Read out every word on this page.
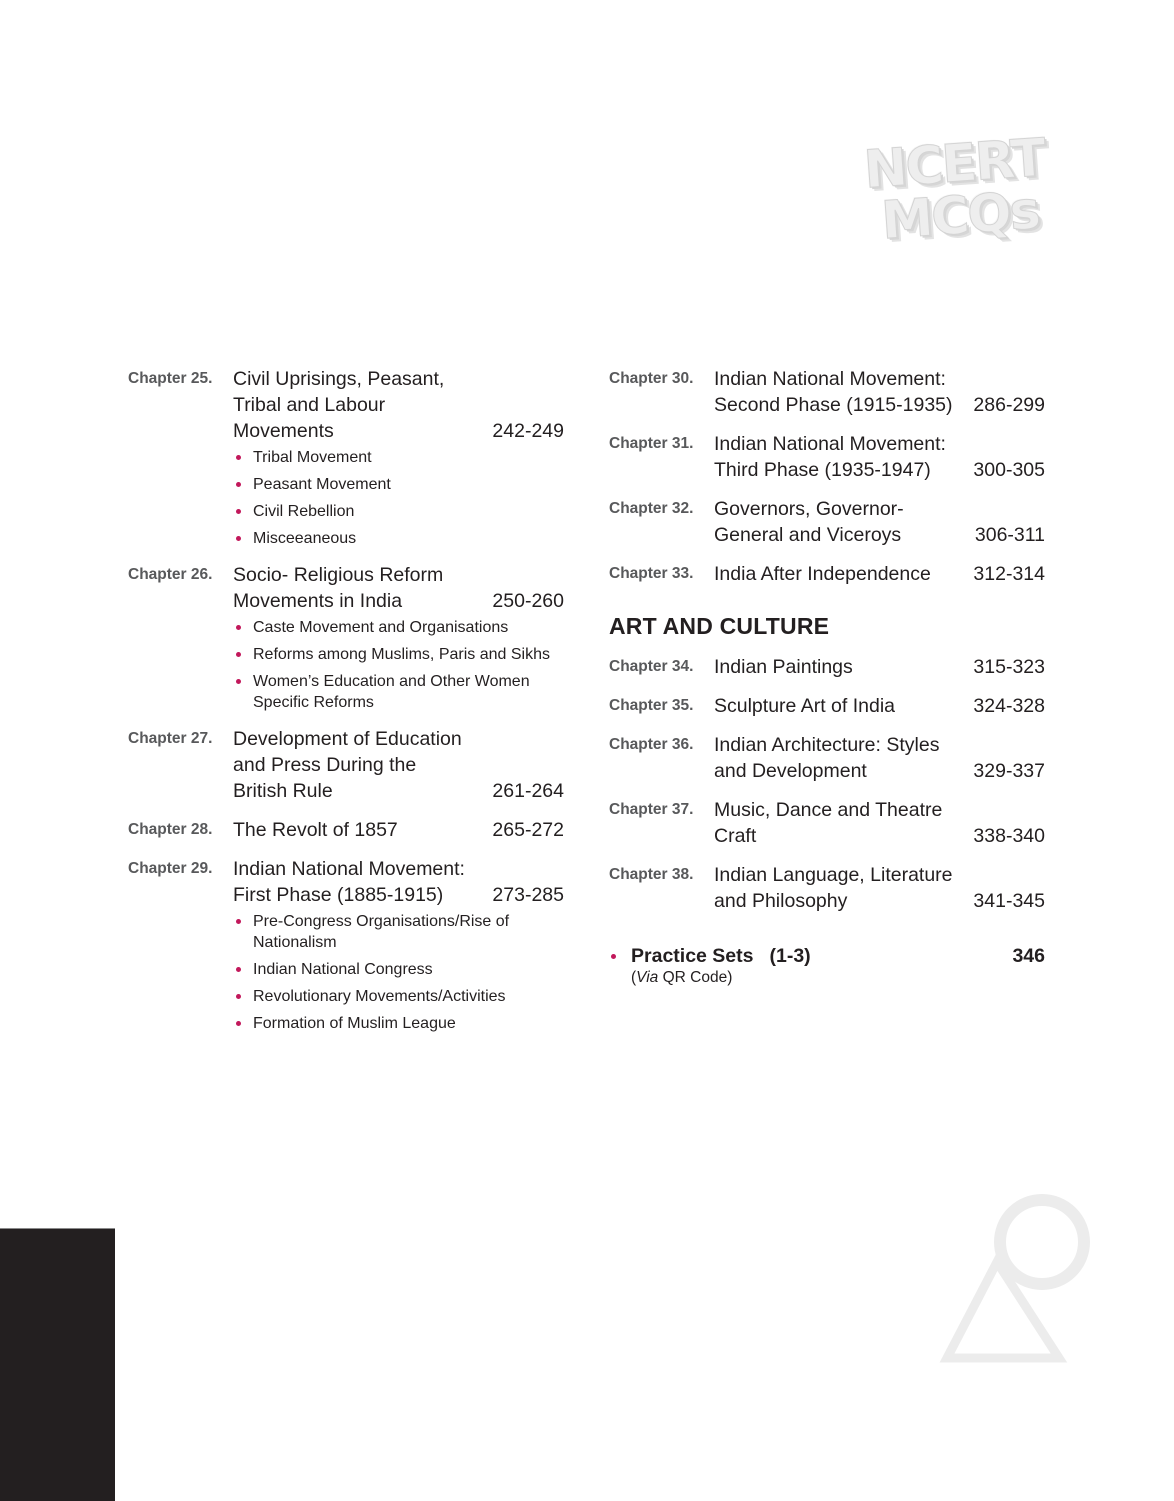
NCERT
MCQs
Chapter 25. Civil Uprisings, Peasant,
Tribal and Labour
Movements	242-249
Tribal Movement
Peasant Movement
Civil Rebellion
Misceeaneous
Chapter 26. Socio- Religious Reform
Movements in India	250-260
Caste Movement and Organisations
Reforms among Muslims, Paris and Sikhs
Women’s Education and Other Women Specific Reforms
Chapter 27. Development of Education
and Press During the
British Rule	261-264
Chapter 28. The Revolt of 1857	265-272
Chapter 29. Indian National Movement:
First Phase (1885-1915)	273-285
Pre-Congress Organisations/Rise of Nationalism
Indian National Congress
Revolutionary Movements/Activities
Formation of Muslim League
Chapter 30. Indian National Movement:
Second Phase (1915-1935)	286-299
Chapter 31. Indian National Movement:
Third Phase (1935-1947)	300-305
Chapter 32. Governors, Governor-
General and Viceroys	306-311
Chapter 33. India After Independence	312-314
ART AND CULTURE
Chapter 34. Indian Paintings	315-323
Chapter 35. Sculpture Art of India	324-328
Chapter 36. Indian Architecture: Styles
and Development	329-337
Chapter 37. Music, Dance and Theatre
Craft	338-340
Chapter 38. Indian Language, Literature
and Philosophy	341-345
Practice Sets (1-3)	346
(Via QR Code)
